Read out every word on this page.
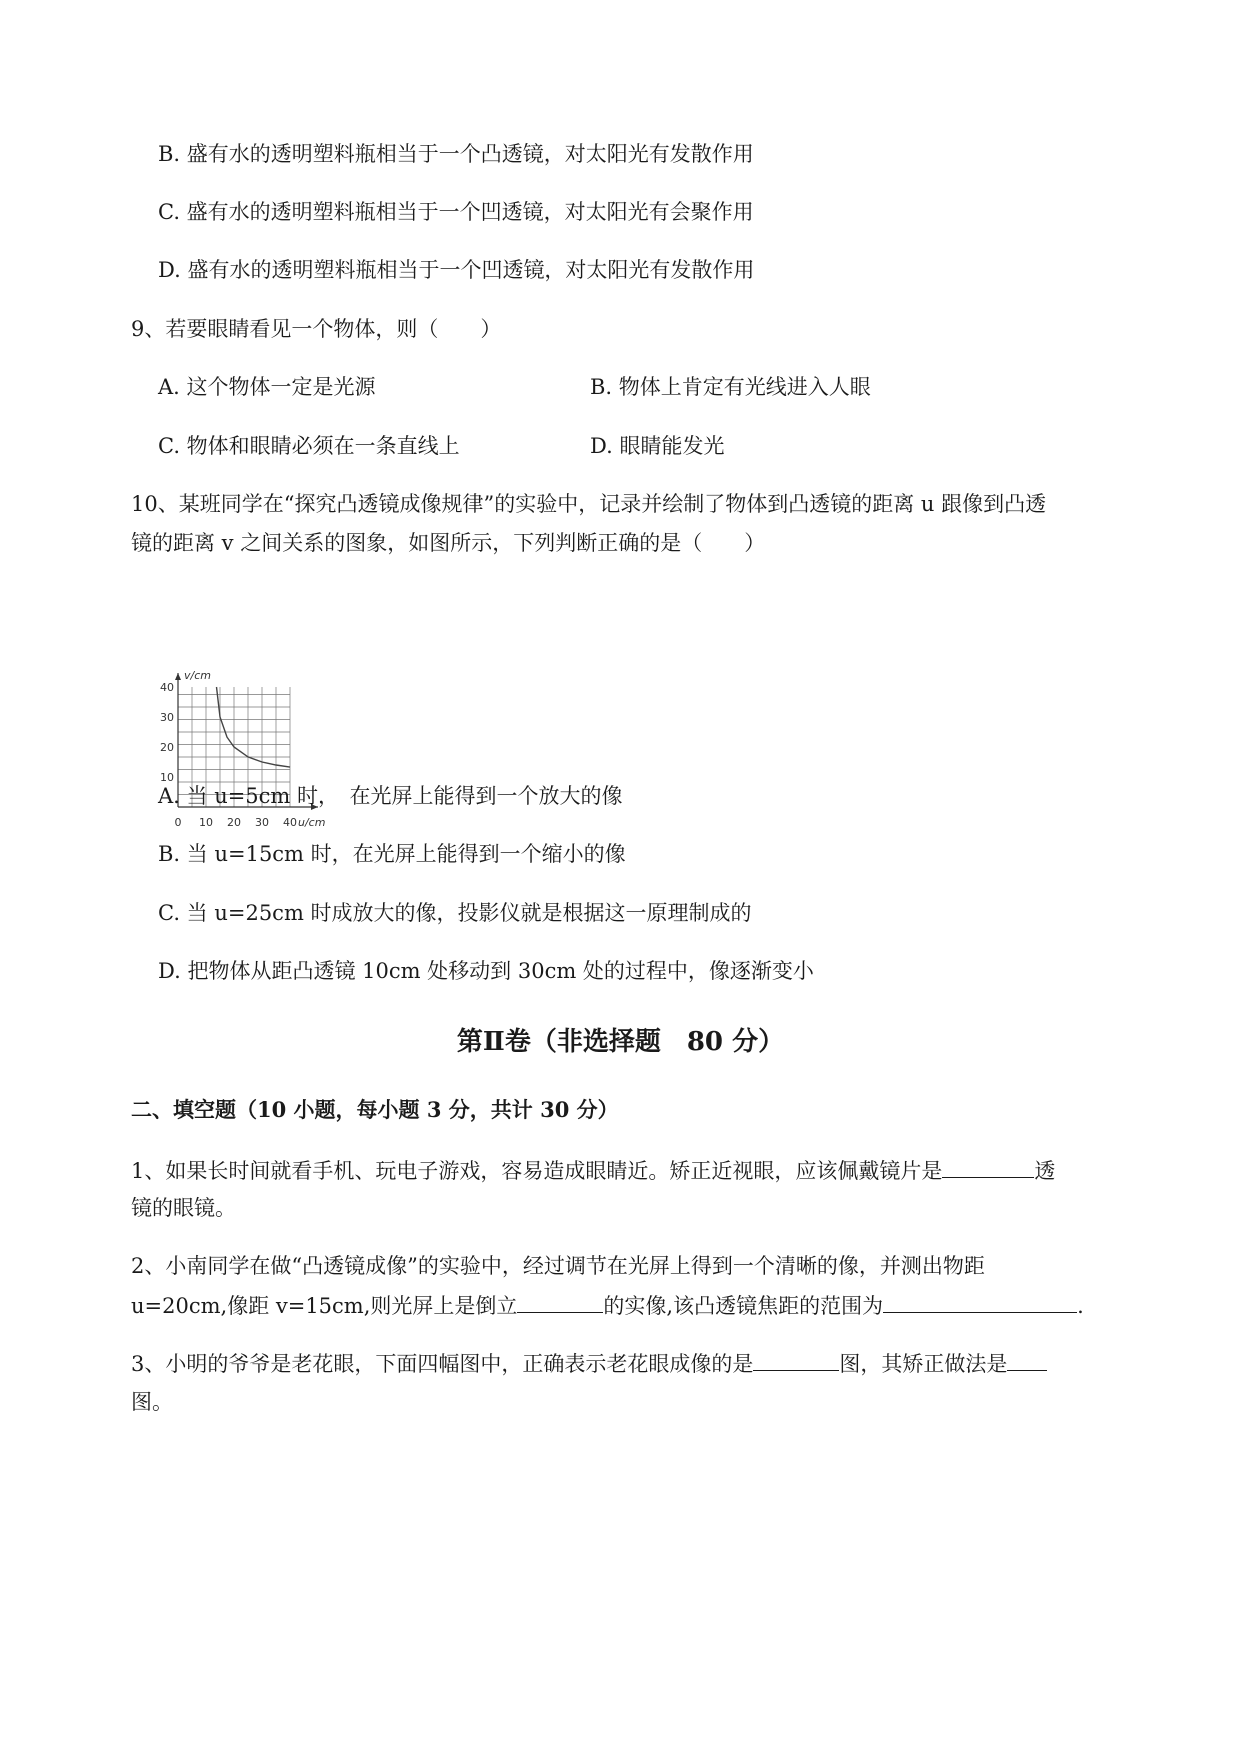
B. 盛有水的透明塑料瓶相当于一个凸透镜，对太阳光有发散作用
C. 盛有水的透明塑料瓶相当于一个凹透镜，对太阳光有会聚作用
D. 盛有水的透明塑料瓶相当于一个凹透镜，对太阳光有发散作用
9、若要眼睛看见一个物体，则（　　）
A. 这个物体一定是光源	B. 物体上肯定有光线进入人眼
C. 物体和眼睛必须在一条直线上	D. 眼睛能发光
10、某班同学在“探究凸透镜成像规律”的实验中，记录并绘制了物体到凸透镜的距离 u 跟像到凸透
镜的距离 v 之间关系的图象，如图所示，下列判断正确的是（　　）
0 10 20 30 40
10
20
30
40
v/cm
u/cm
A. 当 u=5cm 时，　在光屏上能得到一个放大的像
B. 当 u=15cm 时，在光屏上能得到一个缩小的像
C. 当 u=25cm 时成放大的像，投影仪就是根据这一原理制成的
D. 把物体从距凸透镜 10cm 处移动到 30cm 处的过程中，像逐渐变小
第Ⅱ卷（非选择题　80 分）
二、填空题（10 小题，每小题 3 分，共计 30 分）
1、如果长时间就看手机、玩电子游戏，容易造成眼睛近。矫正近视眼，应该佩戴镜片是	透
镜的眼镜。
2、小南同学在做“凸透镜成像”的实验中，经过调节在光屏上得到一个清晰的像，并测出物距
u=20cm,像距 v=15cm,则光屏上是倒立	的实像,该凸透镜焦距的范围为	.
3、小明的爷爷是老花眼，下面四幅图中，正确表示老花眼成像的是	图，其矫正做法是
图。
